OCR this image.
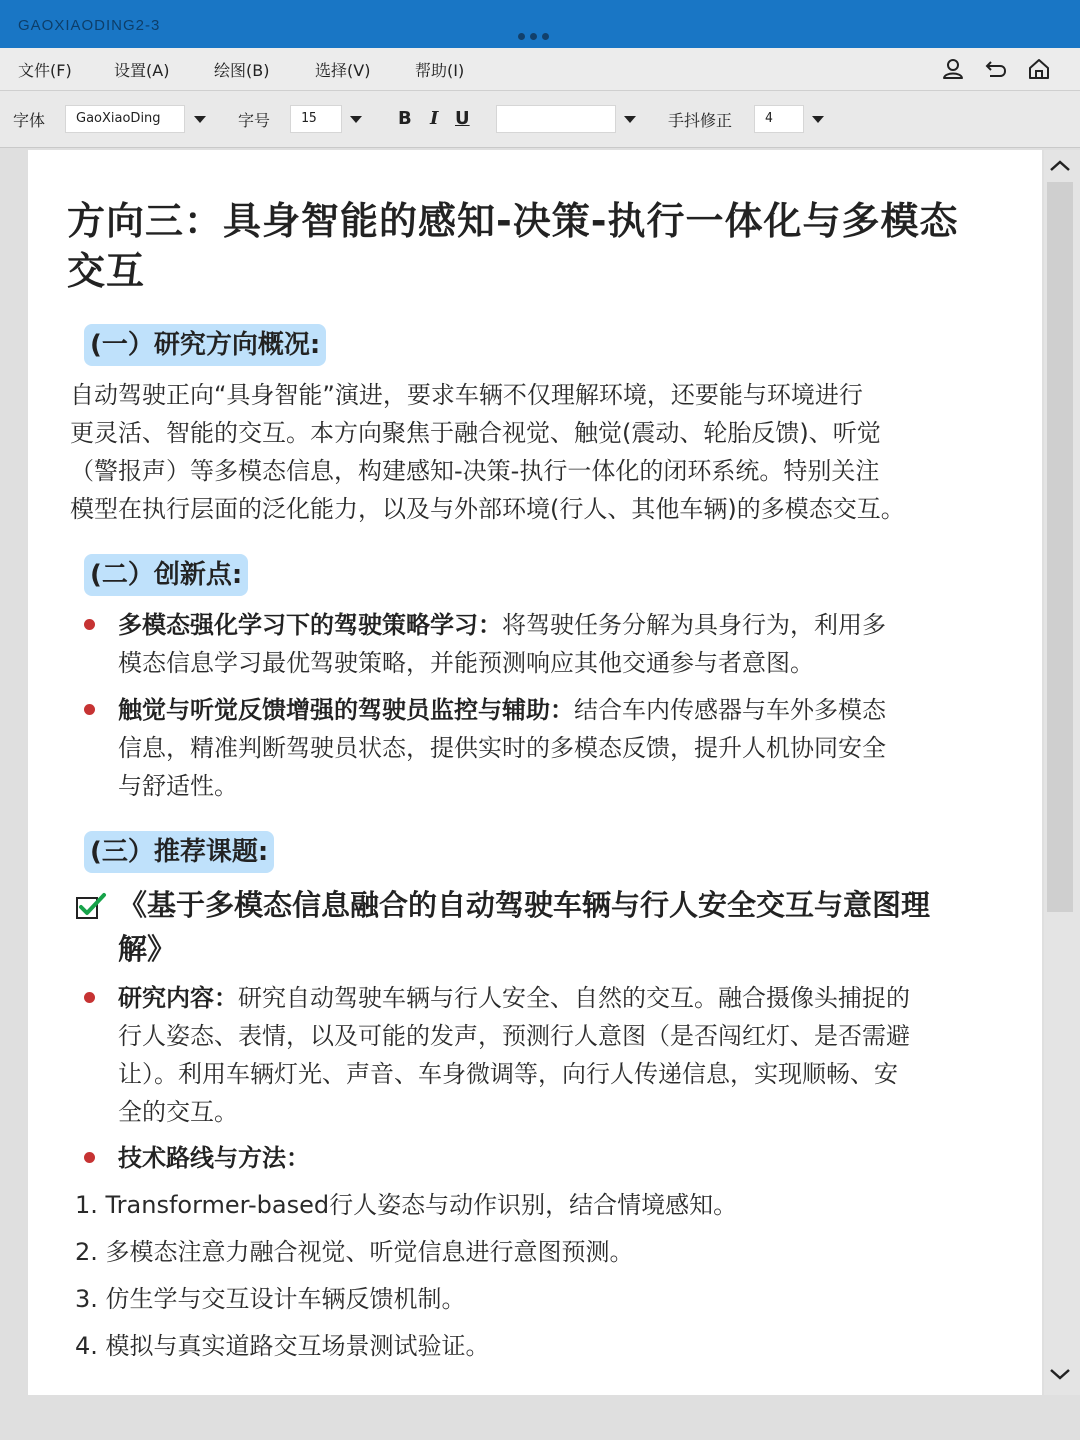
GAOXIAODING2-3
文件(F)	设置(A)	绘图(B)	选择(V)	帮助(I)
字体	GaoXiaoDing	字号	15	B I U	手抖修正	4
方向三：具身智能的感知-决策-执行一体化与多模态
交互
(一）研究方向概况:
自动驾驶正向“具身智能”演进，要求车辆不仅理解环境，还要能与环境进行
更灵活、智能的交互。本方向聚焦于融合视觉、触觉(震动、轮胎反馈)、听觉
（警报声）等多模态信息，构建感知-决策-执行一体化的闭环系统。特别关注
模型在执行层面的泛化能力，以及与外部环境(行人、其他车辆)的多模态交互。
(二）创新点:
多模态强化学习下的驾驶策略学习：将驾驶任务分解为具身行为，利用多
模态信息学习最优驾驶策略，并能预测响应其他交通参与者意图。
触觉与听觉反馈增强的驾驶员监控与辅助：结合车内传感器与车外多模态
信息，精准判断驾驶员状态，提供实时的多模态反馈，提升人机协同安全
与舒适性。
(三）推荐课题:
《基于多模态信息融合的自动驾驶车辆与行人安全交互与意图理
解》
研究内容：研究自动驾驶车辆与行人安全、自然的交互。融合摄像头捕捉的
行人姿态、表情，以及可能的发声，预测行人意图（是否闯红灯、是否需避
让）。利用车辆灯光、声音、车身微调等，向行人传递信息，实现顺畅、安
全的交互。
技术路线与方法：
1. Transformer-based行人姿态与动作识别，结合情境感知。
2. 多模态注意力融合视觉、听觉信息进行意图预测。
3. 仿生学与交互设计车辆反馈机制。
4. 模拟与真实道路交互场景测试验证。
